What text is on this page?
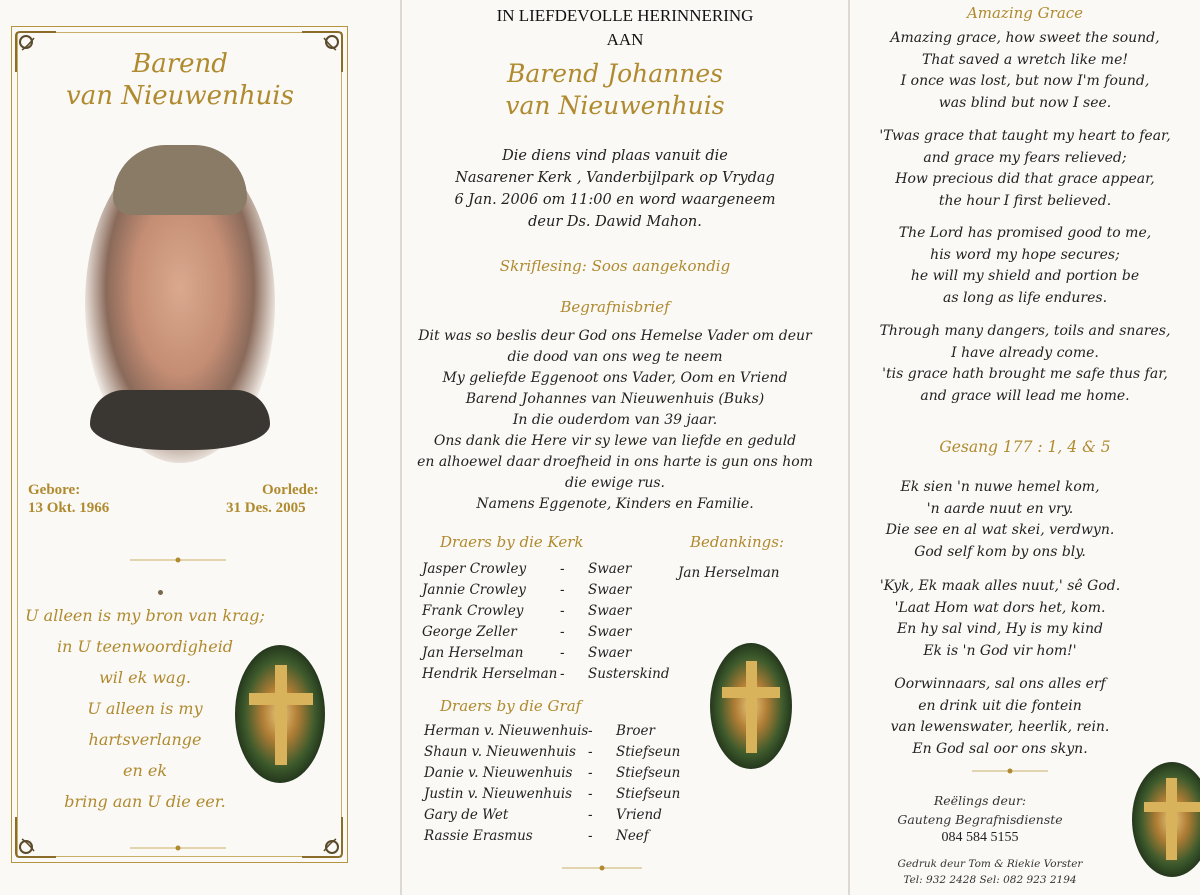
Barend
van Nieuwenhuis
Gebore:
13 Okt. 1966
Oorlede:
31 Des. 2005
U alleen is my bron van krag;
in U teenwoordigheid
wil ek wag.
U alleen is my
hartsverlange
en ek
bring aan U die eer.
IN LIEFDEVOLLE HERINNERING
AAN
Barend Johannes
van Nieuwenhuis
Die diens vind plaas vanuit die
Nasarener Kerk , Vanderbijlpark op Vrydag
6 Jan. 2006 om 11:00 en word waargeneem
deur Ds. Dawid Mahon.
Skriflesing: Soos aangekondig
Begrafnisbrief
Dit was so beslis deur God ons Hemelse Vader om deur
die dood van ons weg te neem
My geliefde Eggenoot ons Vader, Oom en Vriend
Barend Johannes van Nieuwenhuis (Buks)
In die ouderdom van 39 jaar.
Ons dank die Here vir sy lewe van liefde en geduld
en alhoewel daar droefheid in ons harte is gun ons hom
die ewige rus.
Namens Eggenote, Kinders en Familie.
Draers by die Kerk	Bedankings:
Jan Herselman
Jasper Crowley	- Swaer
Jannie Crowley	- Swaer
Frank Crowley	- Swaer
George Zeller	- Swaer
Jan Herselman	- Swaer
Hendrik Herselman - Susterskind
Draers by die Graf
Herman v. Nieuwenhuis - Broer
Shaun v. Nieuwenhuis - Stiefseun
Danie v. Nieuwenhuis - Stiefseun
Justin v. Nieuwenhuis - Stiefseun
Gary de Wet	- Vriend
Rassie Erasmus	- Neef
Amazing Grace
Amazing grace, how sweet the sound,
That saved a wretch like me!
I once was lost, but now I'm found,
was blind but now I see.
'Twas grace that taught my heart to fear,
and grace my fears relieved;
How precious did that grace appear,
the hour I first believed.
The Lord has promised good to me,
his word my hope secures;
he will my shield and portion be
as long as life endures.
Through many dangers, toils and snares,
I have already come.
'tis grace hath brought me safe thus far,
and grace will lead me home.
Gesang 177 : 1, 4 & 5
Ek sien 'n nuwe hemel kom,
'n aarde nuut en vry.
Die see en al wat skei, verdwyn.
God self kom by ons bly.
'Kyk, Ek maak alles nuut,' sê God.
'Laat Hom wat dors het, kom.
En hy sal vind, Hy is my kind
Ek is 'n God vir hom!'
Oorwinnaars, sal ons alles erf
en drink uit die fontein
van lewenswater, heerlik, rein.
En God sal oor ons skyn.
Reëlings deur:
Gauteng Begrafnisdienste
084 584 5155
Gedruk deur Tom & Riekie Vorster
Tel: 932 2428 Sel: 082 923 2194
